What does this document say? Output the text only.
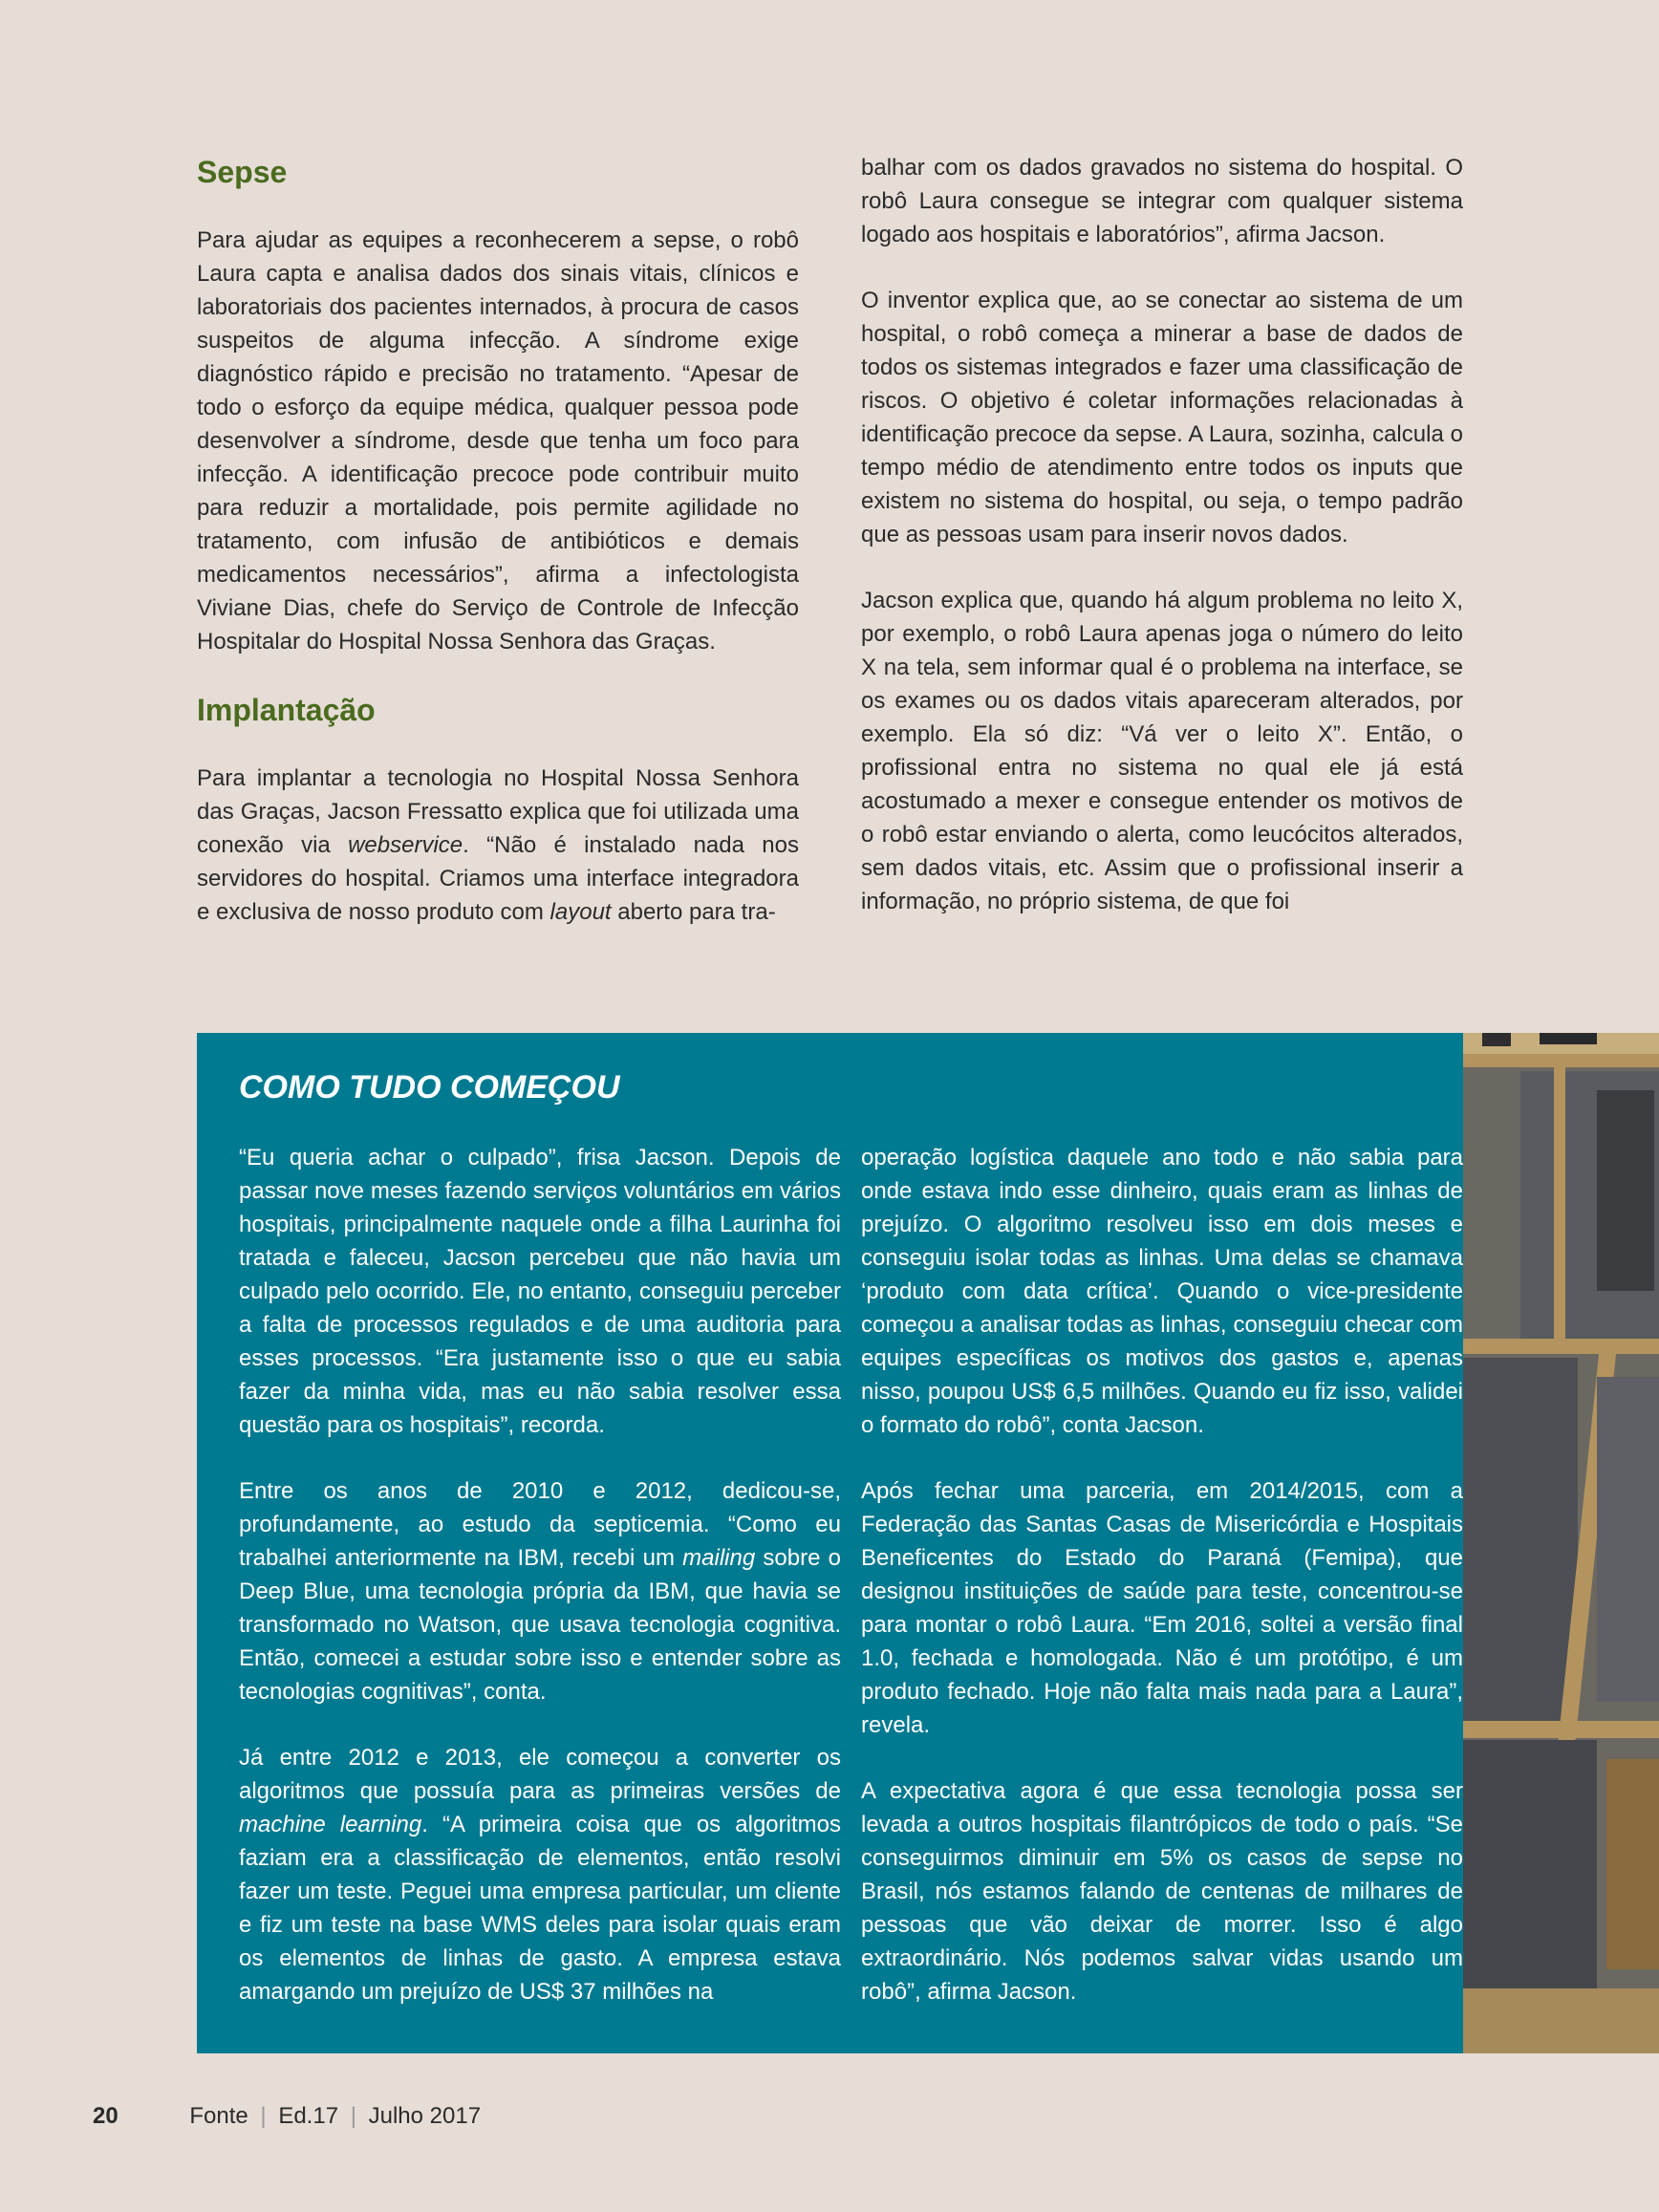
Sepse

Para ajudar as equipes a reconhecerem a sepse, o robô Laura capta e analisa dados dos sinais vitais, clínicos e laboratoriais dos pacientes internados, à procura de casos suspeitos de alguma infecção. A síndrome exige diagnóstico rápido e precisão no tratamento. “Apesar de todo o esforço da equipe médica, qualquer pessoa pode desenvolver a síndrome, desde que tenha um foco para infecção. A identificação precoce pode contribuir muito para reduzir a mortalidade, pois permite agilidade no tratamento, com infusão de antibióticos e demais medicamentos necessários”, afirma a infectologista Viviane Dias, chefe do Serviço de Controle de Infecção Hospitalar do Hospital Nossa Senhora das Graças.

Implantação

Para implantar a tecnologia no Hospital Nossa Senhora das Graças, Jacson Fressatto explica que foi utilizada uma conexão via webservice. “Não é instalado nada nos servidores do hospital. Criamos uma interface integradora e exclusiva de nosso produto com layout aberto para tra-

balhar com os dados gravados no sistema do hospital. O robô Laura consegue se integrar com qualquer sistema logado aos hospitais e laboratórios”, afirma Jacson.

O inventor explica que, ao se conectar ao sistema de um hospital, o robô começa a minerar a base de dados de todos os sistemas integrados e fazer uma classificação de riscos. O objetivo é coletar informações relacionadas à identificação precoce da sepse. A Laura, sozinha, calcula o tempo médio de atendimento entre todos os inputs que existem no sistema do hospital, ou seja, o tempo padrão que as pessoas usam para inserir novos dados.

Jacson explica que, quando há algum problema no leito X, por exemplo, o robô Laura apenas joga o número do leito X na tela, sem informar qual é o problema na interface, se os exames ou os dados vitais apareceram alterados, por exemplo. Ela só diz: “Vá ver o leito X”. Então, o profissional entra no sistema no qual ele já está acostumado a mexer e consegue entender os motivos de o robô estar enviando o alerta, como leucócitos alterados, sem dados vitais, etc. Assim que o profissional inserir a informação, no próprio sistema, de que foi

COMO TUDO COMEÇOU

“Eu queria achar o culpado”, frisa Jacson. Depois de passar nove meses fazendo serviços voluntários em vários hospitais, principalmente naquele onde a filha Laurinha foi tratada e faleceu, Jacson percebeu que não havia um culpado pelo ocorrido. Ele, no entanto, conseguiu perceber a falta de processos regulados e de uma auditoria para esses processos. “Era justamente isso o que eu sabia fazer da minha vida, mas eu não sabia resolver essa questão para os hospitais”, recorda.

Entre os anos de 2010 e 2012, dedicou-se, profundamente, ao estudo da septicemia. “Como eu trabalhei anteriormente na IBM, recebi um mailing sobre o Deep Blue, uma tecnologia própria da IBM, que havia se transformado no Watson, que usava tecnologia cognitiva. Então, comecei a estudar sobre isso e entender sobre as tecnologias cognitivas”, conta.

Já entre 2012 e 2013, ele começou a converter os algoritmos que possuía para as primeiras versões de machine learning. “A primeira coisa que os algoritmos faziam era a classificação de elementos, então resolvi fazer um teste. Peguei uma empresa particular, um cliente e fiz um teste na base WMS deles para isolar quais eram os elementos de linhas de gasto. A empresa estava amargando um prejuízo de US$ 37 milhões na

operação logística daquele ano todo e não sabia para onde estava indo esse dinheiro, quais eram as linhas de prejuízo. O algoritmo resolveu isso em dois meses e conseguiu isolar todas as linhas. Uma delas se chamava ‘produto com data crítica’. Quando o vice-presidente começou a analisar todas as linhas, conseguiu checar com equipes específicas os motivos dos gastos e, apenas nisso, poupou US$ 6,5 milhões. Quando eu fiz isso, validei o formato do robô”, conta Jacson.

Após fechar uma parceria, em 2014/2015, com a Federação das Santas Casas de Misericórdia e Hospitais Beneficentes do Estado do Paraná (Femipa), que designou instituições de saúde para teste, concentrou-se para montar o robô Laura. “Em 2016, soltei a versão final 1.0, fechada e homologada. Não é um protótipo, é um produto fechado. Hoje não falta mais nada para a Laura”, revela.

A expectativa agora é que essa tecnologia possa ser levada a outros hospitais filantrópicos de todo o país. “Se conseguirmos diminuir em 5% os casos de sepse no Brasil, nós estamos falando de centenas de milhares de pessoas que vão deixar de morrer. Isso é algo extraordinário. Nós podemos salvar vidas usando um robô”, afirma Jacson.

20	Fonte | Ed.17 | Julho 2017
